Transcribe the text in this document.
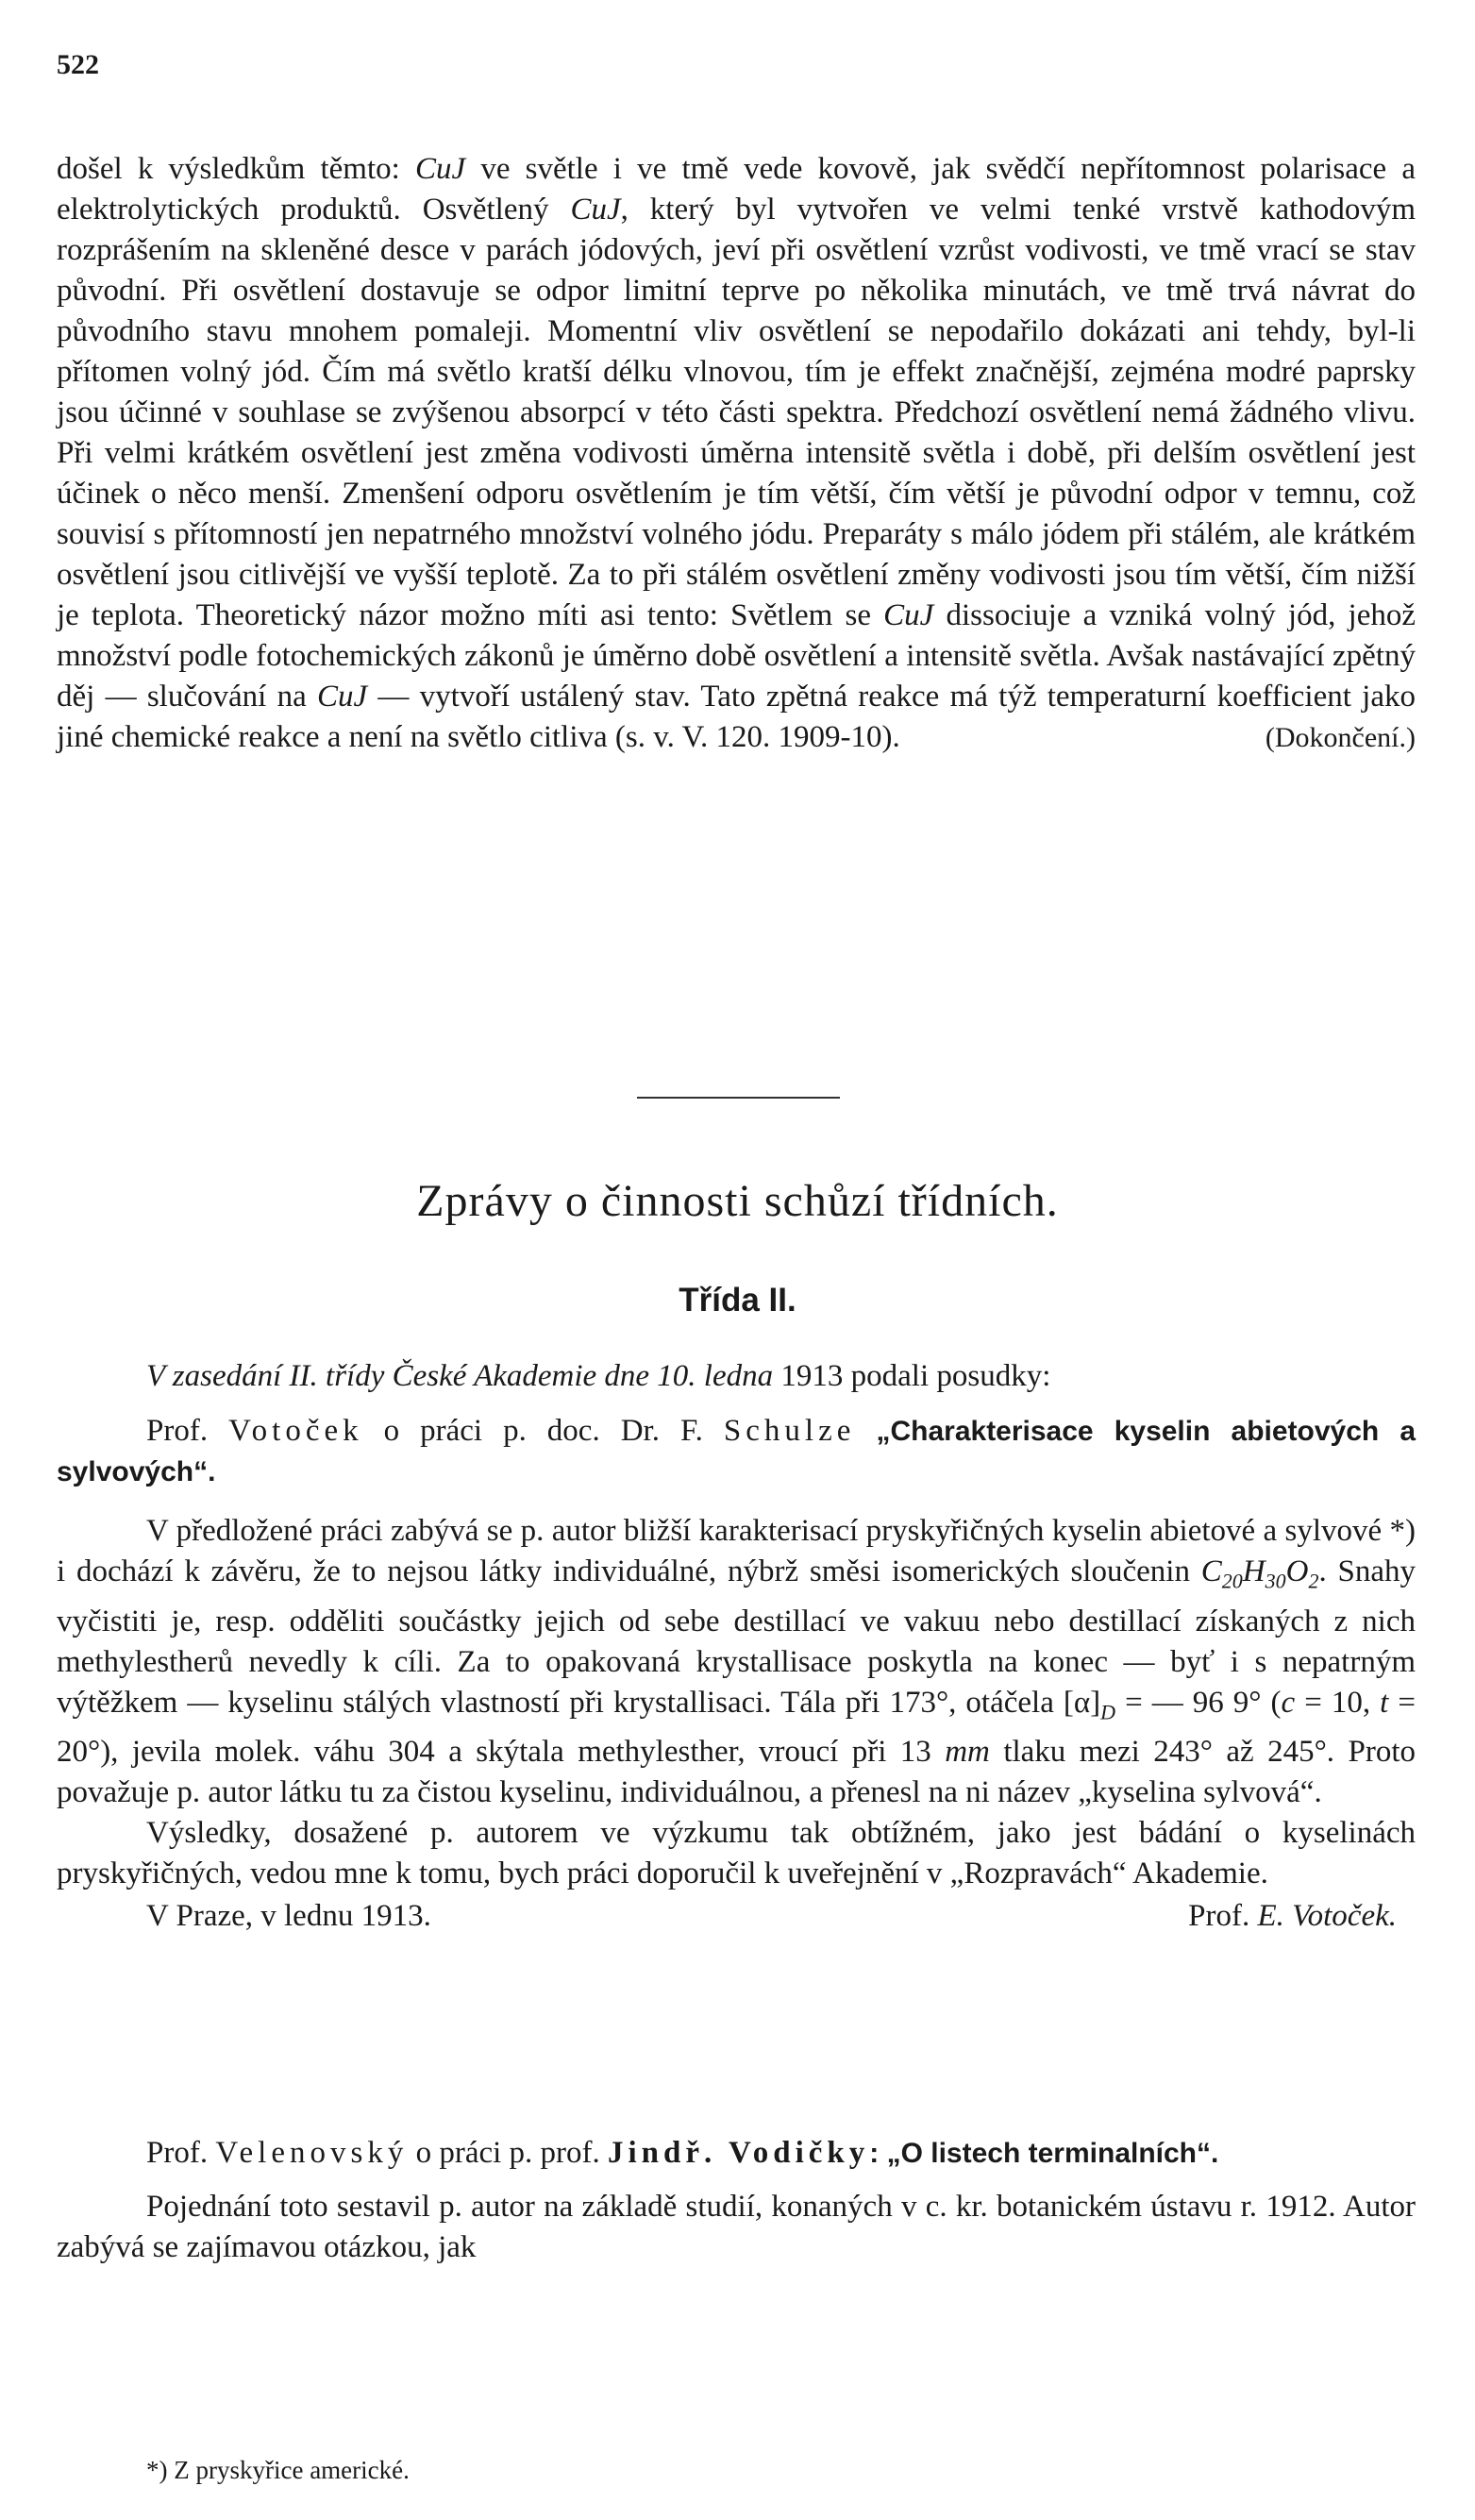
522

došel k výsledkům těmto: CuJ ve světle i ve tmě vede kovově, jak svědčí nepřítomnost polarisace a elektrolytických produktů. Osvětlený CuJ, který byl vytvořen ve velmi tenké vrstvě kathodovým rozprášením na skleněné desce v parách jódových, jeví při osvětlení vzrůst vodivosti, ve tmě vrací se stav původní. Při osvětlení dostavuje se odpor limitní teprve po několika minutách, ve tmě trvá návrat do původního stavu mnohem pomaleji. Momentní vliv osvětlení se nepodařilo dokázati ani tehdy, byl-li přítomen volný jód. Čím má světlo kratší délku vlnovou, tím je effekt značnější, zejména modré paprsky jsou účinné v souhlase se zvýšenou absorpcí v této části spektra. Předchozí osvětlení nemá žádného vlivu. Při velmi krátkém osvětlení jest změna vodivosti úměrna intensitě světla i době, při delším osvětlení jest účinek o něco menší. Zmenšení odporu osvětlením je tím větší, čím větší je původní odpor v temnu, což souvisí s přítomností jen nepatrného množství volného jódu. Preparáty s málo jódem při stálém, ale krátkém osvětlení jsou citlivější ve vyšší teplotě. Za to při stálém osvětlení změny vodivosti jsou tím větší, čím nižší je teplota. Theoretický názor možno míti asi tento: Světlem se CuJ dissociuje a vzniká volný jód, jehož množství podle fotochemických zákonů je úměrno době osvětlení a intensitě světla. Avšak nastávající zpětný děj — slučování na CuJ — vytvoří ustálený stav. Tato zpětná reakce má týž temperaturní koefficient jako jiné chemické reakce a není na světlo citliva (s. v. V. 120. 1909-10).	(Dokončení.)
Zprávy o činnosti schůzí třídních.
Třída II.

V zasedání II. třídy České Akademie dne 10. ledna 1913 podali posudky:

Prof. Votoček o práci p. doc. Dr. F. Schulze „Charakterisace kyselin abietových a sylvových“.

V předložené práci zabývá se p. autor bližší karakterisací pryskyřičných kyselin abietové a sylvové *) i dochází k závěru, že to nejsou látky individuálné, nýbrž směsi isomerických sloučenin $C_{20}H_{30}O_2$. Snahy vyčistiti je, resp. odděliti součástky jejich od sebe destillací ve vakuu nebo destillací získaných z nich methylestherů nevedly k cíli. Za to opakovaná krystallisace poskytla na konec — byť i s nepatrným výtěžkem — kyselinu stálých vlastností při krystallisaci. Tála při 173°, otáčela $[\alpha]_D$ = — 96 9° (c = 10, t = 20°), jevila molek. váhu 304 a skýtala methylesther, vroucí při 13 mm tlaku mezi 243° až 245°. Proto považuje p. autor látku tu za čistou kyselinu, individuálnou, a přenesl na ni název „kyselina sylvová“.

Výsledky, dosažené p. autorem ve výzkumu tak obtížném, jako jest bádání o kyselinách pryskyřičných, vedou mne k tomu, bych práci doporučil k uveřejnění v „Rozpravách“ Akademie.

V Praze, v lednu 1913.	Prof. E. Votoček.

Prof. Velenovský o práci p. prof. Jindř. Vodičky: „O listech terminalních“.

Pojednání toto sestavil p. autor na základě studií, konaných v c. kr. botanickém ústavu r. 1912. Autor zabývá se zajímavou otázkou, jak

*) Z pryskyřice americké.
